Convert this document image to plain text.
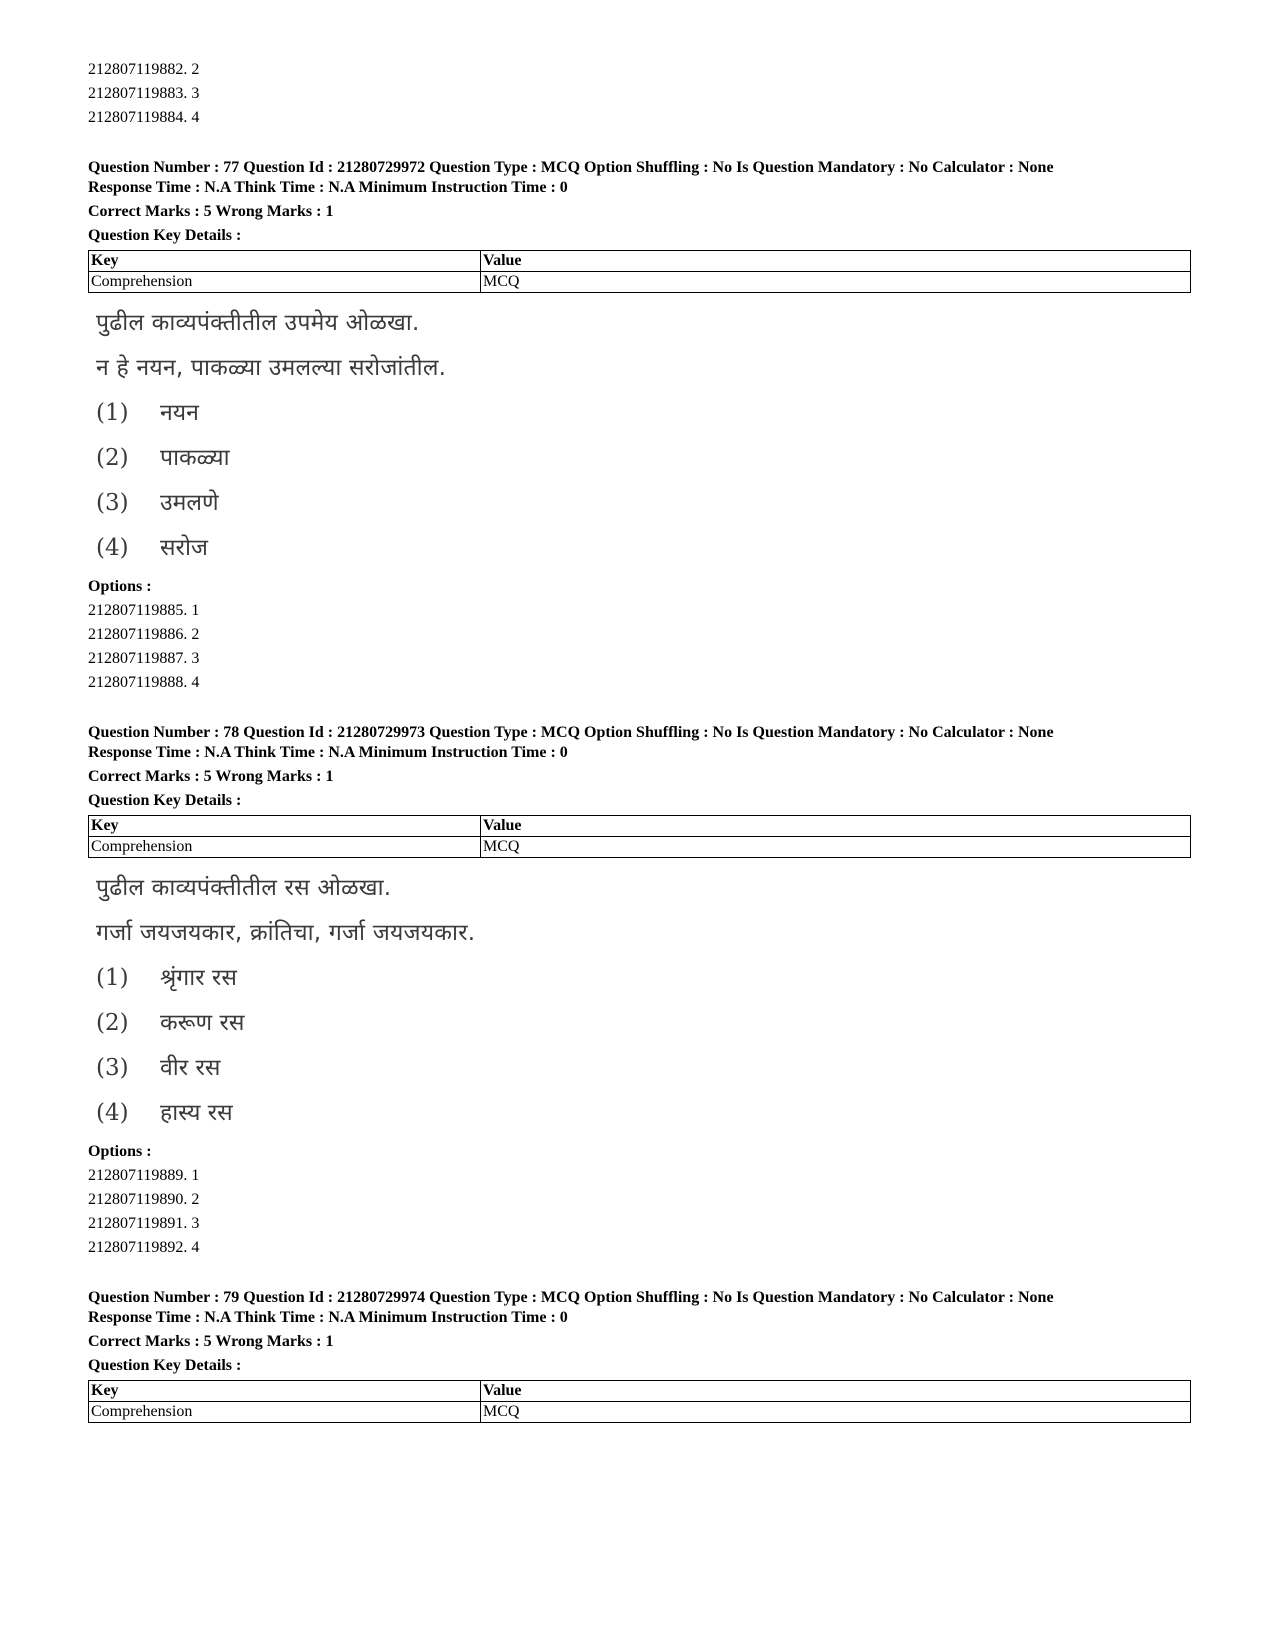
212807119882. 2
212807119883. 3
212807119884. 4
Question Number : 77 Question Id : 21280729972 Question Type : MCQ Option Shuffling : No Is Question Mandatory : No Calculator : None
Response Time : N.A Think Time : N.A Minimum Instruction Time : 0
Correct Marks : 5 Wrong Marks : 1
Question Key Details :
Key	Value
Comprehension	MCQ
पुढील काव्यपंक्तीतील उपमेय ओळखा.
न हे नयन, पाकळ्या उमलल्या सरोजांतील.
(1) नयन
(2) पाकळ्या
(3) उमलणे
(4) सरोज
Options :
212807119885. 1
212807119886. 2
212807119887. 3
212807119888. 4
Question Number : 78 Question Id : 21280729973 Question Type : MCQ Option Shuffling : No Is Question Mandatory : No Calculator : None
Response Time : N.A Think Time : N.A Minimum Instruction Time : 0
Correct Marks : 5 Wrong Marks : 1
Question Key Details :
Key	Value
Comprehension	MCQ
पुढील काव्यपंक्तीतील रस ओळखा.
गर्जा जयजयकार, क्रांतिचा, गर्जा जयजयकार.
(1) श्रृंगार रस
(2) करूण रस
(3) वीर रस
(4) हास्य रस
Options :
212807119889. 1
212807119890. 2
212807119891. 3
212807119892. 4
Question Number : 79 Question Id : 21280729974 Question Type : MCQ Option Shuffling : No Is Question Mandatory : No Calculator : None
Response Time : N.A Think Time : N.A Minimum Instruction Time : 0
Correct Marks : 5 Wrong Marks : 1
Question Key Details :
Key	Value
Comprehension	MCQ
